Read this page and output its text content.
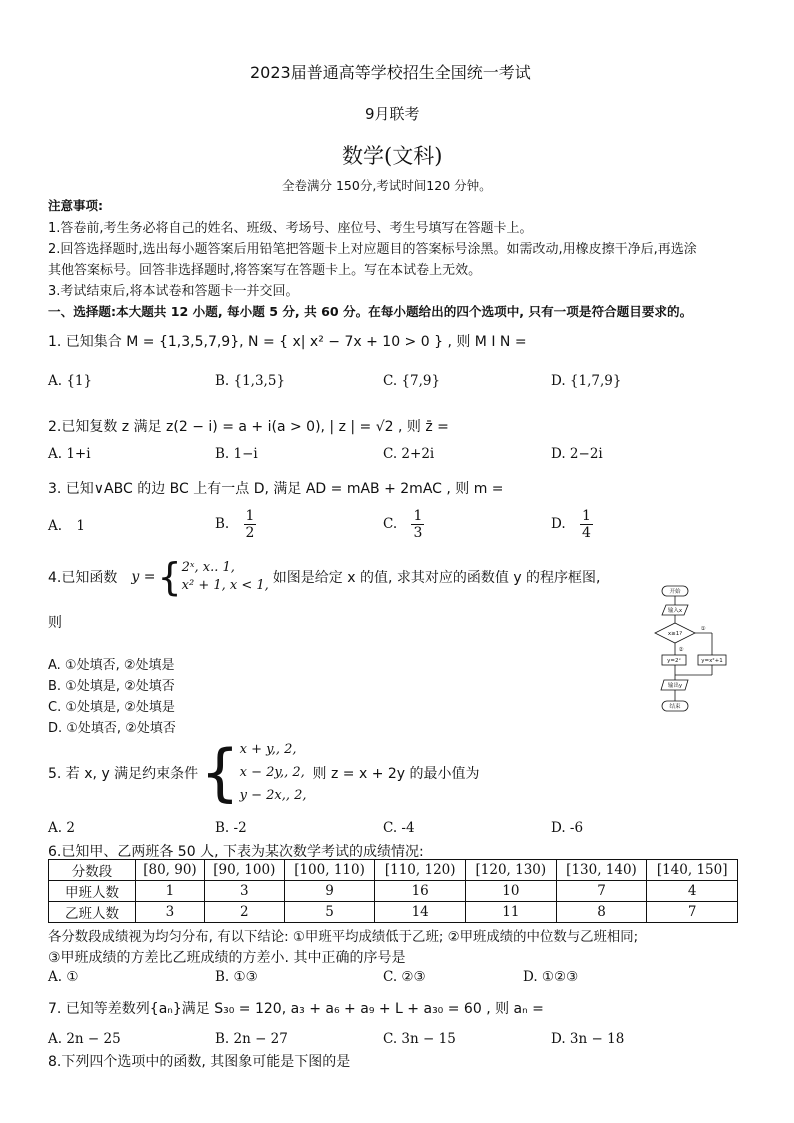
2023届普通高等学校招生全国统一考试
9月联考
数学(文科)
全卷满分 150分,考试时间120 分钟。
注意事项:
1.答卷前,考生务必将自己的姓名、班级、考场号、座位号、考生号填写在答题卡上。
2.回答选择题时,选出每小题答案后用铅笔把答题卡上对应题目的答案标号涂黑。如需改动,用橡皮擦干净后,再选涂
其他答案标号。回答非选择题时,将答案写在答题卡上。写在本试卷上无效。
3.考试结束后,将本试卷和答题卡一并交回。
一、选择题:本大题共 12 小题, 每小题 5 分, 共 60 分。在每小题给出的四个选项中, 只有一项是符合题目要求的。
1. 已知集合 M = {1,3,5,7,9}, N = { x| x² − 7x + 10 > 0 } , 则 M I N =
A. {1}	B. {1,3,5}	C. {7,9}	D. {1,7,9}
2.已知复数 z 满足 z(2 − i) = a + i(a > 0), | z | = √2 , 则 z̄ =
A. 1+i	B. 1−i	C. 2+2i	D. 2−2i
3. 已知∨ABC 的边 BC 上有一点 D, 满足 AD = mAB + 2mAC , 则 m =
A. 1	B. $\frac{1}{2}$	C. $\frac{1}{3}$	D. $\frac{1}{4}$
4.已知函数 y = { 2ˣ, x.. 1,
x² + 1, x < 1, 如图是给定 x 的值, 求其对应的函数值 y 的程序框图,
则
A. ①处填否, ②处填是
B. ①处填是, ②处填否
C. ①处填是, ②处填是
D. ①处填否, ②处填否
开始
输入x
x≥1?
①
②
y=2ˣ	y=x²+1
输出y
结束
5. 若 x, y 满足约束条件 { x + y,, 2,
x − 2y,, 2,
y − 2x,, 2,
则 z = x + 2y 的最小值为
A. 2	B. -2	C. -4	D. -6
6.已知甲、乙两班各 50 人, 下表为某次数学考试的成绩情况:
分数段	[80, 90)	[90, 100)	[100, 110)	[110, 120)	[120, 130)	[130, 140)	[140, 150]
甲班人数	1	3	9	16	10	7	4
乙班人数	3	2	5	14	11	8	7
各分数段成绩视为均匀分布, 有以下结论: ①甲班平均成绩低于乙班; ②甲班成绩的中位数与乙班相同;
③甲班成绩的方差比乙班成绩的方差小. 其中正确的序号是
A. ①	B. ①③	C. ②③	D. ①②③
7. 已知等差数列{aₙ}满足 S₃₀ = 120, a₃ + a₆ + a₉ + L + a₃₀ = 60 , 则 aₙ =
A. 2n − 25	B. 2n − 27	C. 3n − 15	D. 3n − 18
8.下列四个选项中的函数, 其图象可能是下图的是
